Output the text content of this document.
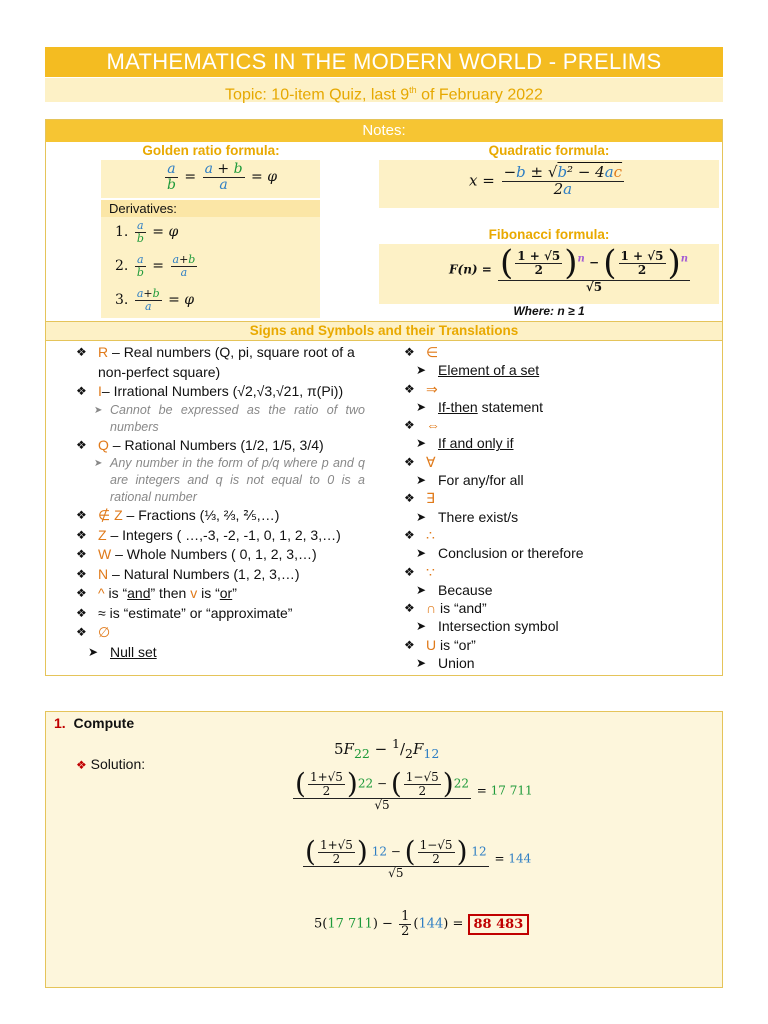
MATHEMATICS IN THE MODERN WORLD - PRELIMS
Topic: 10-item Quiz, last 9th of February 2022
Notes:
Golden ratio formula:
$\frac{a}{b} = \frac{a + b}{a} = \varphi$
Derivatives:
1. $\frac{a}{b} = \varphi$
2. $\frac{a}{b} = \frac{a+b}{a}$
3. $\frac{a+b}{a} = \varphi$
Quadratic formula:
$x = \frac{\text{−b ± √b² − 4ac}}{2a}$
Fibonacci formula:
$F(n) = \frac{( \frac{1 + √5}{2} )^n - ( \frac{1 + √5}{2} )^n}{√5}$
Where: n ≥ 1
Signs and Symbols and their Translations
❖ R – Real numbers (Q, pi, square root of a non-perfect square)
❖ I– Irrational Numbers (√2,√3,√21, π(Pi))
➤ Cannot be expressed as the ratio of two numbers
❖ Q – Rational Numbers (1/2, 1/5, 3/4)
➤ Any number in the form of p/q where p and q are integers and q is not equal to 0 is a rational number
❖ ∉ Z – Fractions (⅓, ⅔, ⅖,…)
❖ Z – Integers ( …,-3, -2, -1, 0, 1, 2, 3,…)
❖ W – Whole Numbers ( 0, 1, 2, 3,…)
❖ N – Natural Numbers (1, 2, 3,…)
❖ ^ is “and” then v is “or”
❖ ≈ is “estimate” or “approximate”
❖ ∅
➤ Null set
❖ ∈
➤ Element of a set
❖ ⇒
➤ If-then statement
❖ ⇔
➤ If and only if
❖ ∀
➤ For any/for all
❖ ∃
➤ There exist/s
❖ ∴
➤ Conclusion or therefore
❖ ∵
➤ Because
❖ ∩ is “and”
➤ Intersection symbol
❖ U is “or”
➤ Union
1. Compute
$5F_{22} - ^1/_2F_{12}$
❖ Solution:
$\frac{( \frac{1+√5}{2} )22 - ( \frac{1-√5}{2} )22}{√5} = 17$ 711
$\frac{( \frac{1+√5}{2} ) 12 - ( \frac{1-√5}{2} ) 12}{√5} = 144$
5(17 $711) - \frac{1}{2} (144) = 88$ 483
